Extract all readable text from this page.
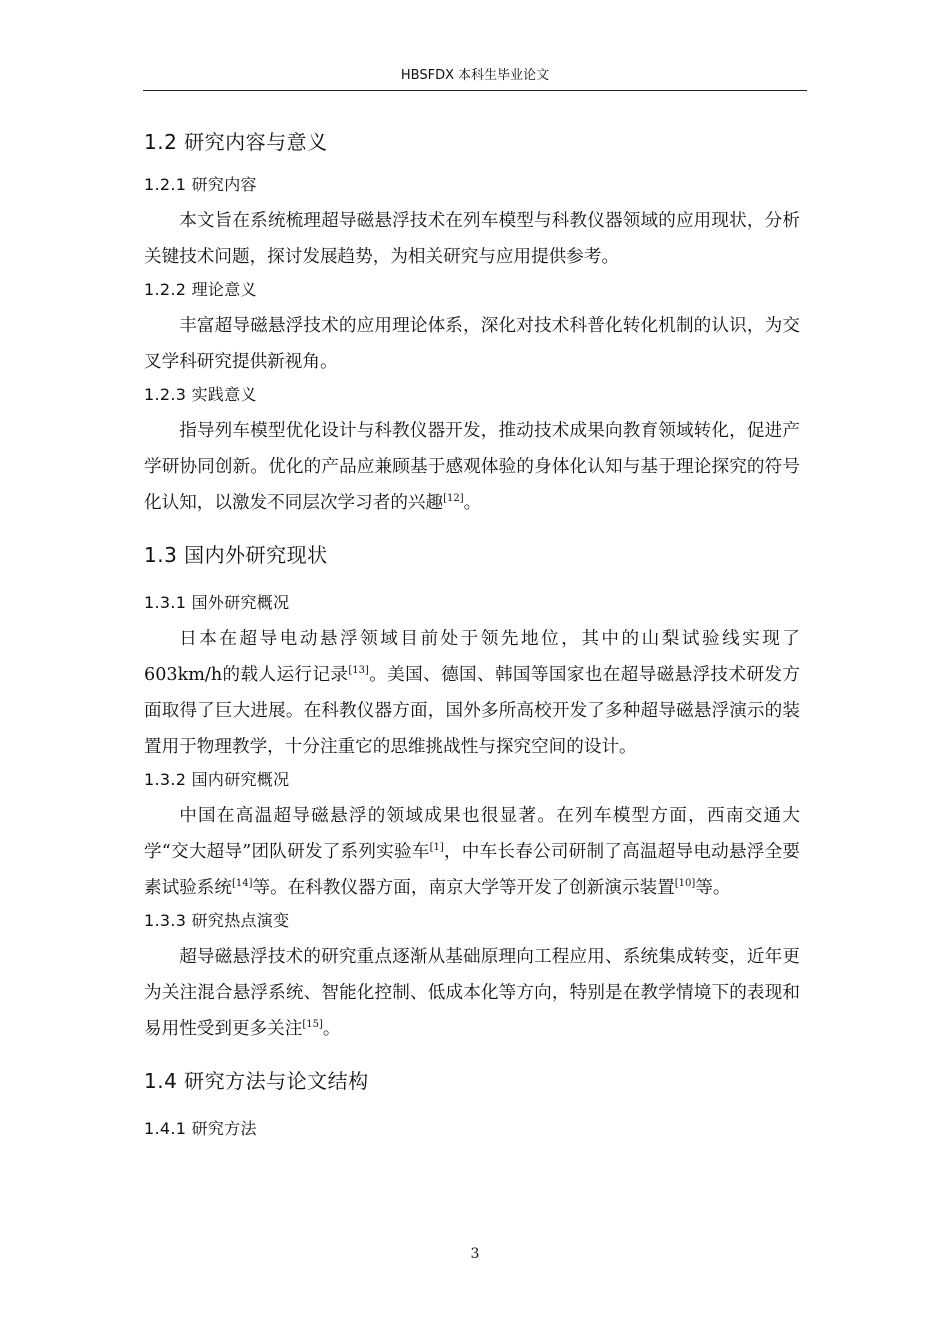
HBSFDX 本科生毕业论文
1.2 研究内容与意义
1.2.1 研究内容

本文旨在系统梳理超导磁悬浮技术在列车模型与科教仪器领域的应用现状，分析关键技术问题，探讨发展趋势，为相关研究与应用提供参考。

1.2.2 理论意义

丰富超导磁悬浮技术的应用理论体系，深化对技术科普化转化机制的认识，为交叉学科研究提供新视角。

1.2.3 实践意义

指导列车模型优化设计与科教仪器开发，推动技术成果向教育领域转化，促进产学研协同创新。优化的产品应兼顾基于感观体验的身体化认知与基于理论探究的符号化认知，以激发不同层次学习者的兴趣[12]。

1.3 国内外研究现状
1.3.1 国外研究概况

日本在超导电动悬浮领域目前处于领先地位，其中的山梨试验线实现了603km/h的载人运行记录[13]。美国、德国、韩国等国家也在超导磁悬浮技术研发方面取得了巨大进展。在科教仪器方面，国外多所高校开发了多种超导磁悬浮演示的装置用于物理教学，十分注重它的思维挑战性与探究空间的设计。

1.3.2 国内研究概况

中国在高温超导磁悬浮的领域成果也很显著。在列车模型方面，西南交通大学“交大超导”团队研发了系列实验车[1]，中车长春公司研制了高温超导电动悬浮全要素试验系统[14]等。在科教仪器方面，南京大学等开发了创新演示装置[10]等。

1.3.3 研究热点演变

超导磁悬浮技术的研究重点逐渐从基础原理向工程应用、系统集成转变，近年更为关注混合悬浮系统、智能化控制、低成本化等方向，特别是在教学情境下的表现和易用性受到更多关注[15]。

1.4 研究方法与论文结构
1.4.1 研究方法
3
